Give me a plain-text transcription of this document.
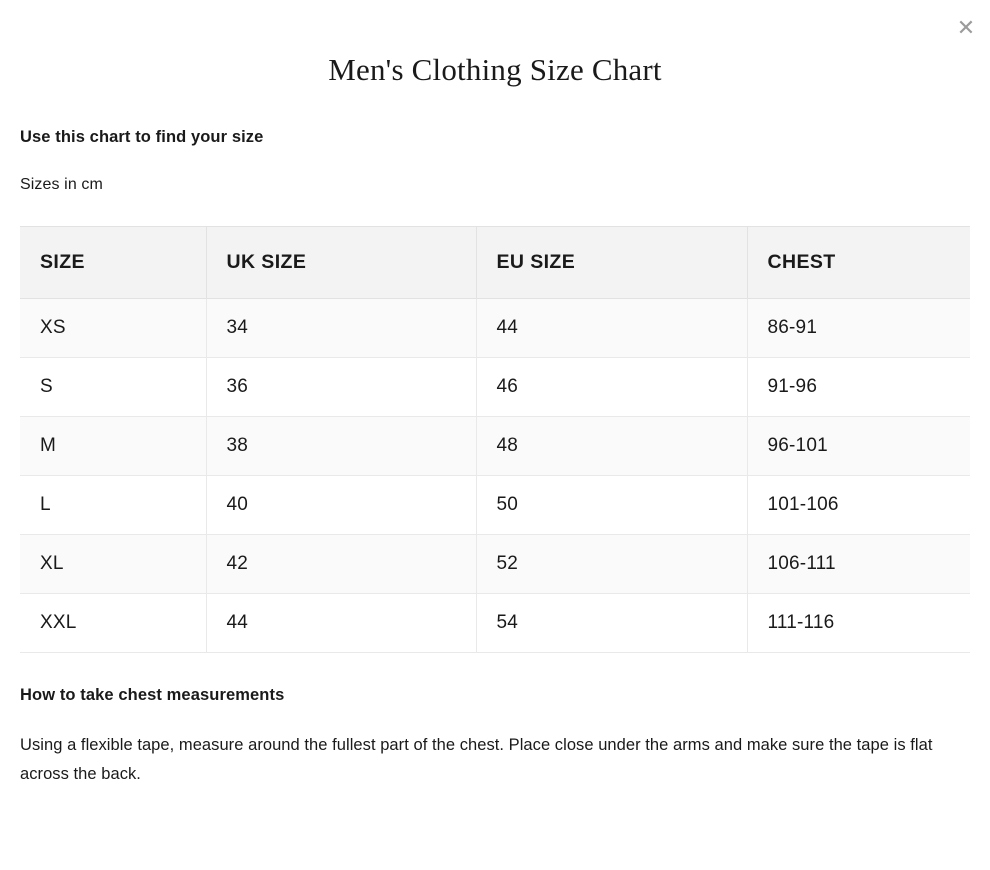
✕
Men's Clothing Size Chart

Use this chart to find your size

Sizes in cm

SIZE	UK SIZE	EU SIZE	CHEST
XS	34	44	86-91
S	36	46	91-96
M	38	48	96-101
L	40	50	101-106
XL	42	52	106-111
XXL	44	54	111-116

How to take chest measurements

Using a flexible tape, measure around the fullest part of the chest. Place close under the arms and make sure the tape is flat across the back.
